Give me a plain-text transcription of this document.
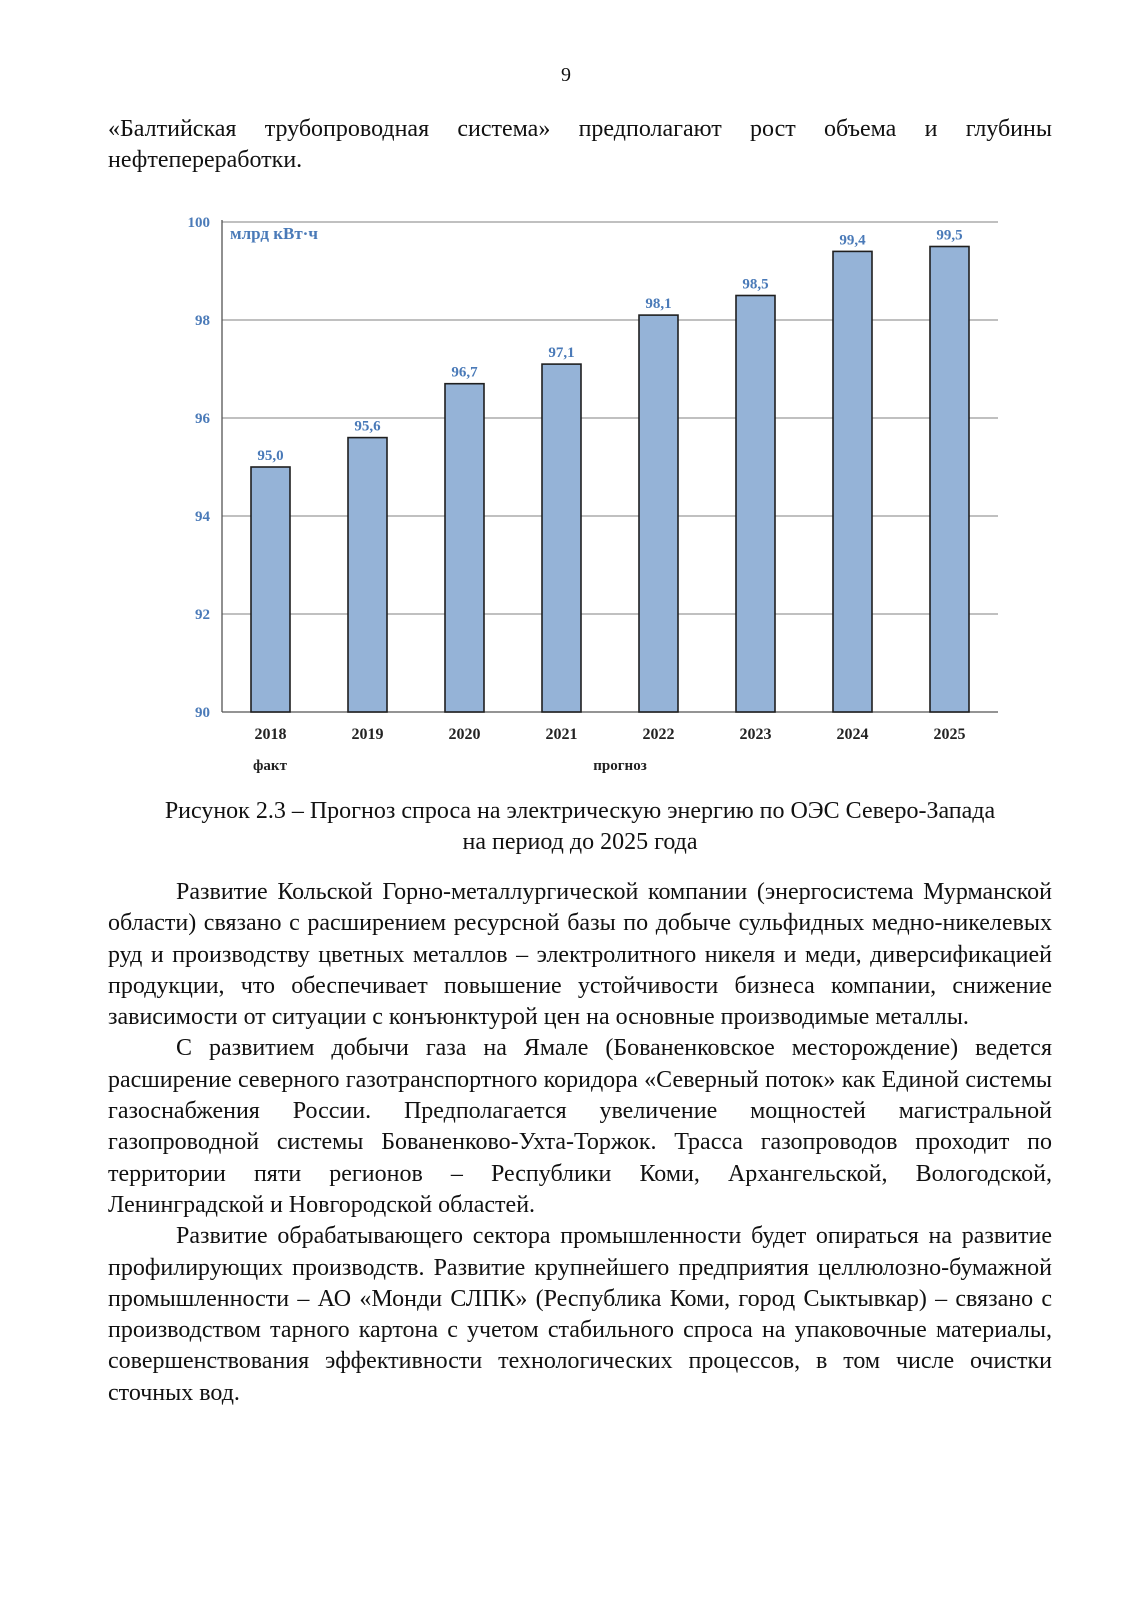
9

«Балтийская трубопроводная система» предполагают рост объема и глубины нефтепереработки.

95,0
95,6
96,7
97,1
98,1
98,5
99,4	99,5
90
92
94
96
98
100
2018	2019	2020	2021	2022	2023	2024	2025
млрд кВт·ч
факт	прогноз
Рисунок 2.3 – Прогноз спроса на электрическую энергию по ОЭС Северо-Запада
на период до 2025 года

Развитие Кольской Горно-металлургической компании (энергосистема Мурманской области) связано с расширением ресурсной базы по добыче сульфидных медно-никелевых руд и производству цветных металлов – электролитного никеля и меди, диверсификацией продукции, что обеспечивает повышение устойчивости бизнеса компании, снижение зависимости от ситуации с конъюнктурой цен на основные производимые металлы.

С развитием добычи газа на Ямале (Бованенковское месторождение) ведется расширение северного газотранспортного коридора «Северный поток» как Единой системы газоснабжения России. Предполагается увеличение мощностей магистральной газопроводной системы Бованенково-Ухта-Торжок. Трасса газопроводов проходит по территории пяти регионов – Республики Коми, Архангельской, Вологодской, Ленинградской и Новгородской областей.

Развитие обрабатывающего сектора промышленности будет опираться на развитие профилирующих производств. Развитие крупнейшего предприятия целлюлозно-бумажной промышленности – АО «Монди СЛПК» (Республика Коми, город Сыктывкар) – связано с производством тарного картона с учетом стабильного спроса на упаковочные материалы, совершенствования эффективности технологических процессов, в том числе очистки сточных вод.
